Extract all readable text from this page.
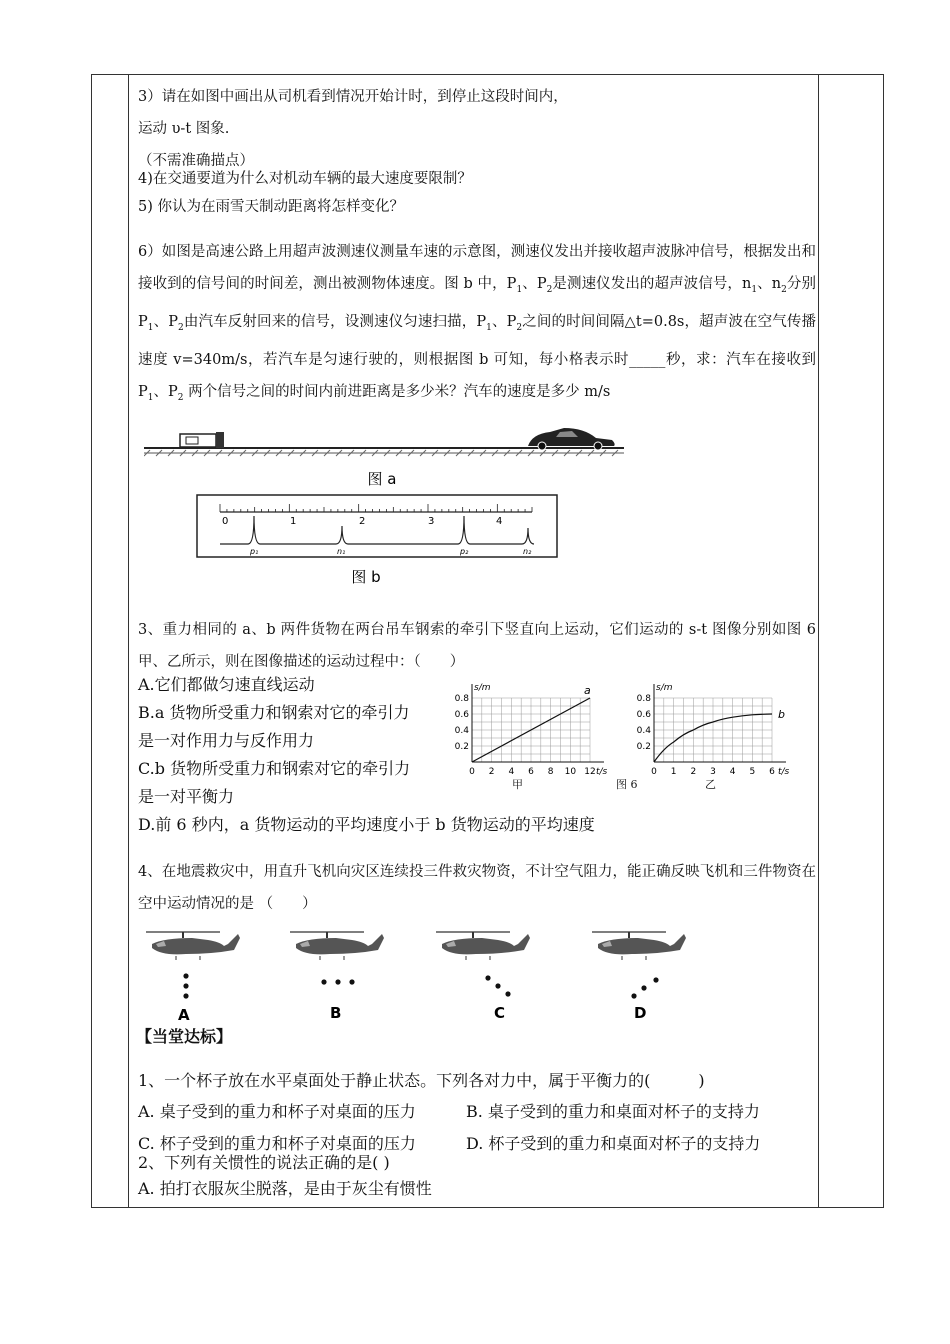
3）请在如图中画出从司机看到情况开始计时，到停止这段时间内，
运动 υ-t 图象.
（不需准确描点）
4)在交通要道为什么对机动车辆的最大速度要限制？
5) 你认为在雨雪天制动距离将怎样变化？
6）如图是高速公路上用超声波测速仪测量车速的示意图，测速仪发出并接收超声波脉冲信号，根据发出和接收到的信号间的时间差，测出被测物体速度。图 b 中，$P_1$、$P_2$是测速仪发出的超声波信号，$n_1$、$n_2$分别 $P_1$、$P_2$由汽车反射回来的信号，设测速仪匀速扫描，$P_1$、$P_2$之间的时间间隔△t=0.8s，超声波在空气传播速度 v=340m/s，若汽车是匀速行驶的，则根据图 b 可知，每小格表示时_____秒，求：汽车在接收到 $P_1$、$P_2$ 两个信号之间的时间内前进距离是多少米？汽车的速度是多少 m/s
图 a
0	1	2	3	4
p₁	n₁	p₂	n₂
图 b
3、重力相同的 a、b 两件货物在两台吊车钢索的牵引下竖直向上运动，它们运动的 s-t 图像分别如图 6 甲、乙所示，则在图像描述的运动过程中：（　　）
A.它们都做匀速直线运动
B.a 货物所受重力和钢索对它的牵引力
是一对作用力与反作用力
C.b 货物所受重力和钢索对它的牵引力
是一对平衡力
D.前 6 秒内，a 货物运动的平均速度小于 b 货物运动的平均速度
0 2 4 6 8 10 12
0.2
0.4
0.6
0.8
s/m
t/s
a
0 1 2 3 4 5 6
0.2
0.4
0.6
0.8
s/m
t/s
b
甲	图 6	乙
4、在地震救灾中，用直升飞机向灾区连续投三件救灾物资，不计空气阻力，能正确反映飞机和三件物资在空中运动情况的是 （　　）
A	B	C	D
【当堂达标】
1、一个杯子放在水平桌面处于静止状态。下列各对力中，属于平衡力的(　　　)
A. 桌子受到的重力和杯子对桌面的压力	B. 桌子受到的重力和桌面对杯子的支持力
C. 杯子受到的重力和杯子对桌面的压力	D. 杯子受到的重力和桌面对杯子的支持力
2、下列有关惯性的说法正确的是( )
A. 拍打衣服灰尘脱落，是由于灰尘有惯性
